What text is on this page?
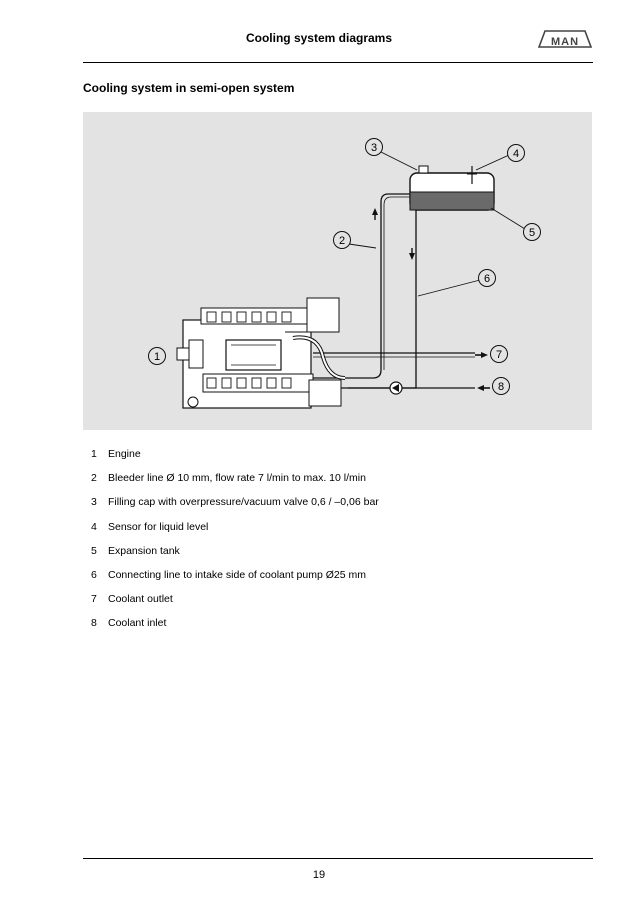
Cooling system diagrams	MAN
Cooling system in semi-open system
1
2
3	4
5
6
7
8
1	Engine
2	Bleeder line Ø 10 mm, flow rate 7 l/min to max. 10 l/min
3	Filling cap with overpressure/vacuum valve 0,6 / –0,06 bar
4	Sensor for liquid level
5	Expansion tank
6	Connecting line to intake side of coolant pump Ø25 mm
7	Coolant outlet
8	Coolant inlet
19
